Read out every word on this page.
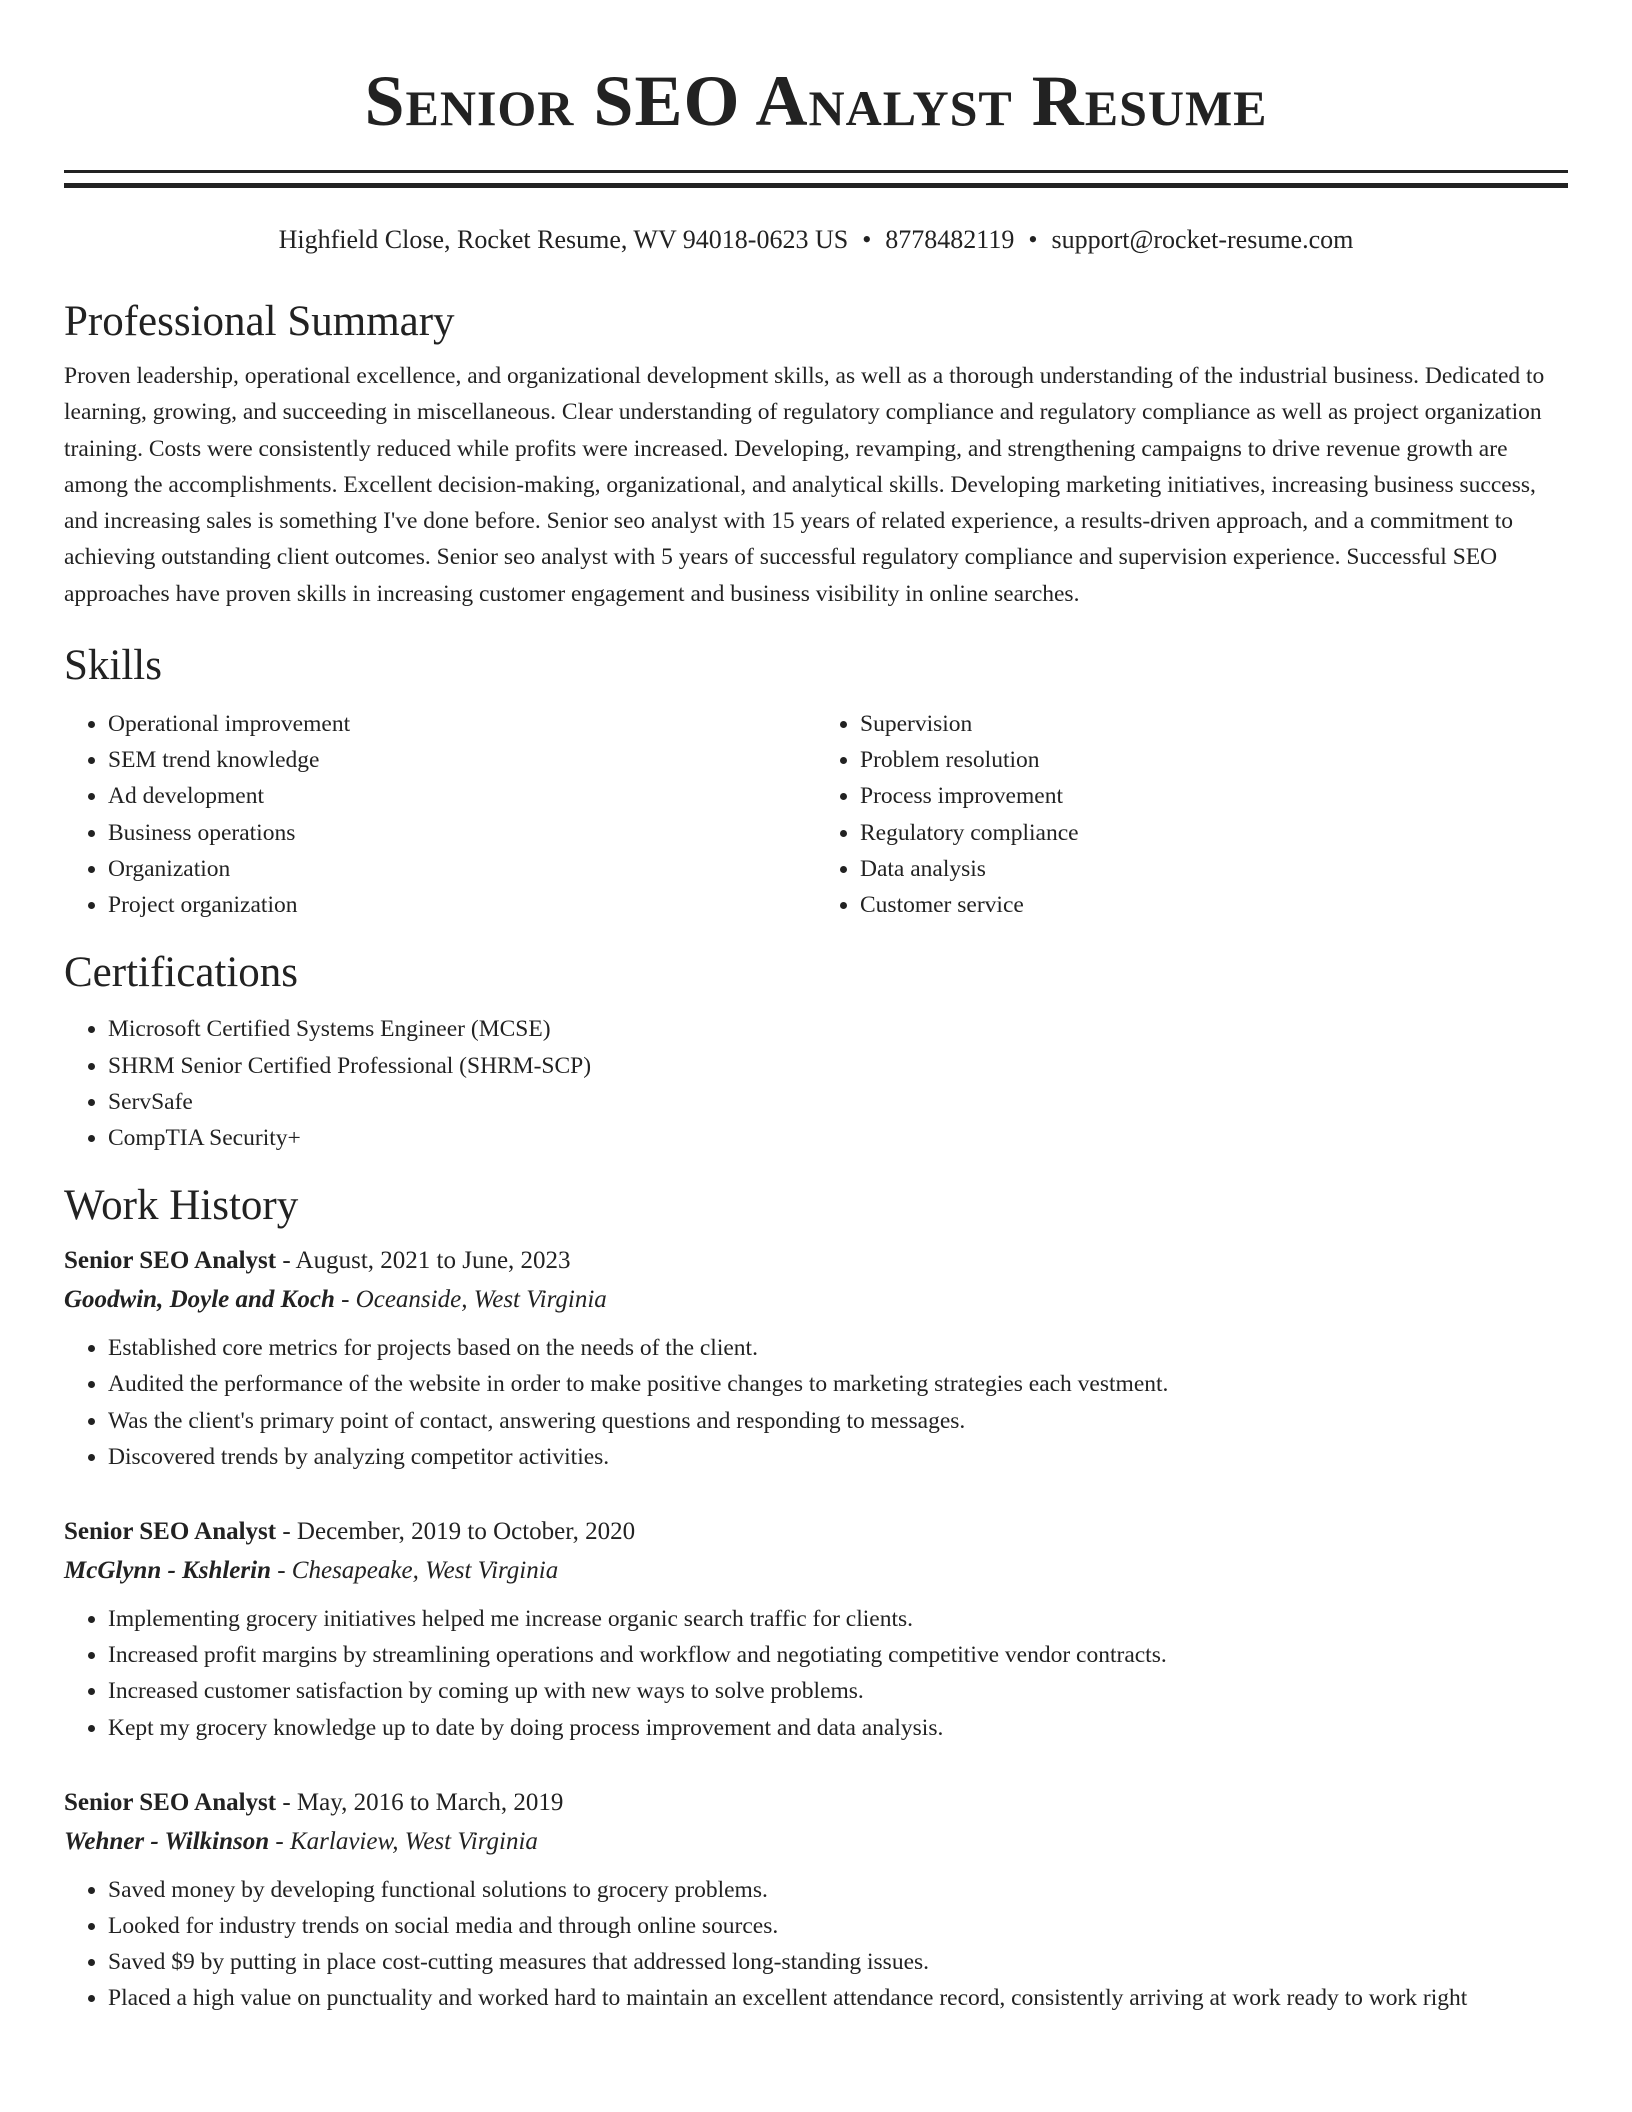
Senior SEO Analyst Resume
Highfield Close, Rocket Resume, WV 94018-0623 US • 8778482119 • support@rocket-resume.com
Professional Summary

Proven leadership, operational excellence, and organizational development skills, as well as a thorough understanding of the industrial business. Dedicated to learning, growing, and succeeding in miscellaneous. Clear understanding of regulatory compliance and regulatory compliance as well as project organization training. Costs were consistently reduced while profits were increased. Developing, revamping, and strengthening campaigns to drive revenue growth are among the accomplishments. Excellent decision-making, organizational, and analytical skills. Developing marketing initiatives, increasing business success, and increasing sales is something I've done before. Senior seo analyst with 15 years of related experience, a results-driven approach, and a commitment to achieving outstanding client outcomes. Senior seo analyst with 5 years of successful regulatory compliance and supervision experience. Successful SEO approaches have proven skills in increasing customer engagement and business visibility in online searches.

Skills
• Operational improvement
• SEM trend knowledge
• Ad development
• Business operations
• Organization
• Project organization
• Supervision
• Problem resolution
• Process improvement
• Regulatory compliance
• Data analysis
• Customer service
Certifications
• Microsoft Certified Systems Engineer (MCSE)
• SHRM Senior Certified Professional (SHRM-SCP)
• ServSafe
• CompTIA Security+
Work History
Senior SEO Analyst - August, 2021 to June, 2023
Goodwin, Doyle and Koch - Oceanside, West Virginia
• Established core metrics for projects based on the needs of the client.
• Audited the performance of the website in order to make positive changes to marketing strategies each vestment.
• Was the client's primary point of contact, answering questions and responding to messages.
• Discovered trends by analyzing competitor activities.
Senior SEO Analyst - December, 2019 to October, 2020
McGlynn - Kshlerin - Chesapeake, West Virginia
• Implementing grocery initiatives helped me increase organic search traffic for clients.
• Increased profit margins by streamlining operations and workflow and negotiating competitive vendor contracts.
• Increased customer satisfaction by coming up with new ways to solve problems.
• Kept my grocery knowledge up to date by doing process improvement and data analysis.
Senior SEO Analyst - May, 2016 to March, 2019
Wehner - Wilkinson - Karlaview, West Virginia
• Saved money by developing functional solutions to grocery problems.
• Looked for industry trends on social media and through online sources.
• Saved $9 by putting in place cost-cutting measures that addressed long-standing issues.
• Placed a high value on punctuality and worked hard to maintain an excellent attendance record, consistently arriving at work ready to work right
